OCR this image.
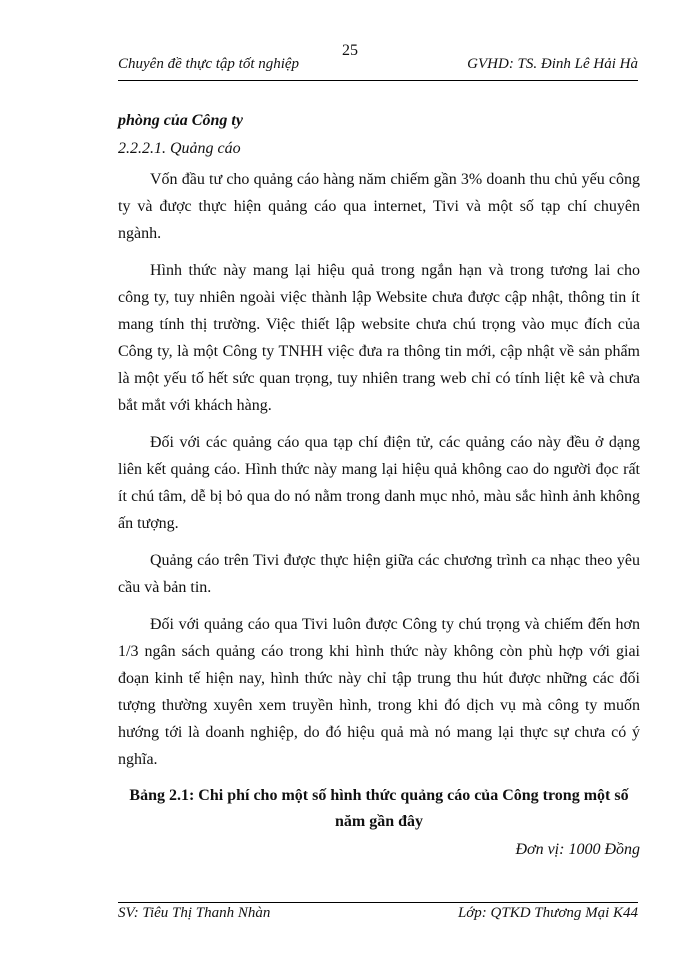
25
Chuyên đề thực tập tốt nghiệp	GVHD: TS. Đinh Lê Hải Hà

phòng của Công ty

2.2.2.1. Quảng cáo

Vốn đầu tư cho quảng cáo hàng năm chiếm gần 3% doanh thu chủ yếu công ty và được thực hiện quảng cáo qua internet, Tivi và một số tạp chí chuyên ngành.

Hình thức này mang lại hiệu quả trong ngắn hạn và trong tương lai cho công ty, tuy nhiên ngoài việc thành lập Website chưa được cập nhật, thông tin ít mang tính thị trường. Việc thiết lập website chưa chú trọng vào mục đích của Công ty, là một Công ty TNHH việc đưa ra thông tin mới, cập nhật về sản phẩm là một yếu tố hết sức quan trọng, tuy nhiên trang web chỉ có tính liệt kê và chưa bắt mắt với khách hàng.

Đối với các quảng cáo qua tạp chí điện tử, các quảng cáo này đều ở dạng liên kết quảng cáo. Hình thức này mang lại hiệu quả không cao do người đọc rất ít chú tâm, dễ bị bỏ qua do nó nằm trong danh mục nhỏ, màu sắc hình ảnh không ấn tượng.

Quảng cáo trên Tivi được thực hiện giữa các chương trình ca nhạc theo yêu cầu và bản tin.

Đối với quảng cáo qua Tivi luôn được Công ty chú trọng và chiếm đến hơn 1/3 ngân sách quảng cáo trong khi hình thức này không còn phù hợp với giai đoạn kinh tế hiện nay, hình thức này chỉ tập trung thu hút được những các đối tượng thường xuyên xem truyền hình, trong khi đó dịch vụ mà công ty muốn hướng tới là doanh nghiệp, do đó hiệu quả mà nó mang lại thực sự chưa có ý nghĩa.

Bảng 2.1: Chi phí cho một số hình thức quảng cáo của Công trong một số năm gần đây

Đơn vị: 1000 Đồng

SV: Tiêu Thị Thanh Nhàn	Lớp: QTKD Thương Mại K44
